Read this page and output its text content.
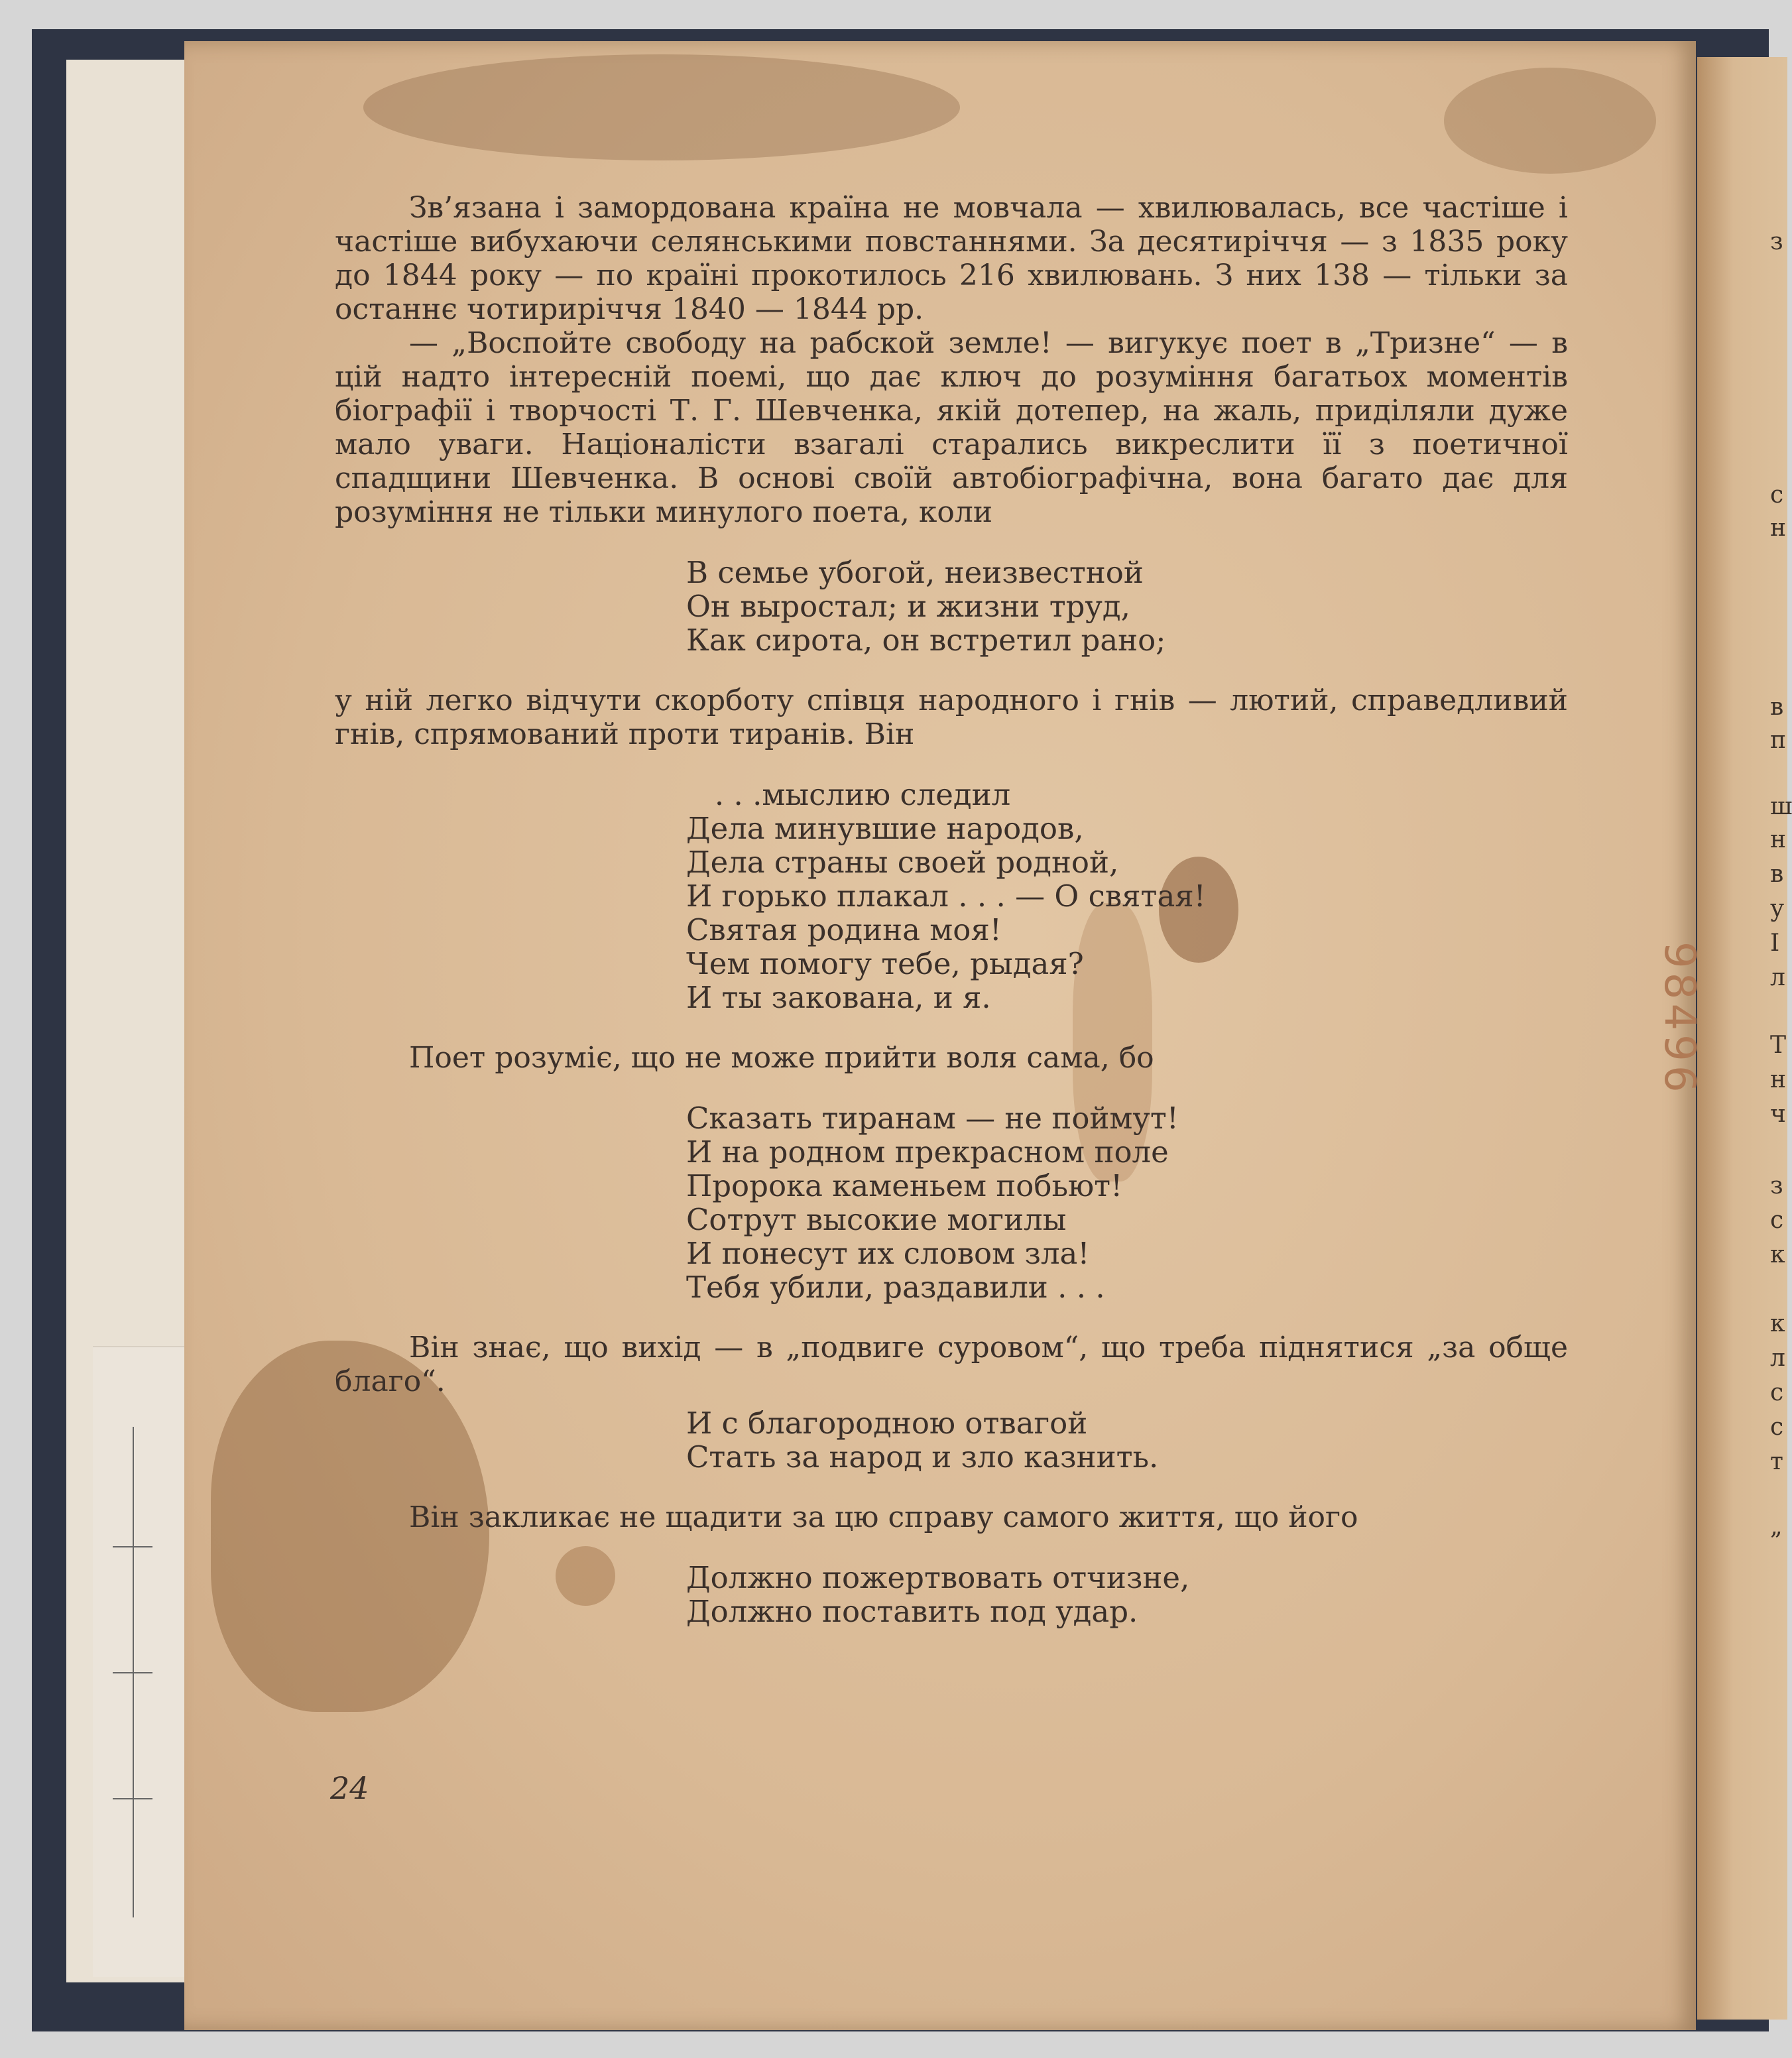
з
с
н
в
п
ш
н
в
у
І
л
Т
н
ч
з
с
к
к
л
с
с
т
„
98496

Зв’язана і замордована країна не мовчала — хвилювалась, все частіше і частіше вибухаючи селянськими повстаннями. За десятиріччя — з 1835 року до 1844 року — по країні прокотилось 216 хвилювань. З них 138 — тільки за останнє чотириріччя 1840 — 1844 рр.

— „Воспойте свободу на рабской земле! — вигукує поет в „Тризне“ — в цій надто інтересній поемі, що дає ключ до розуміння багатьох моментів біографії і творчості Т. Г. Шевченка, якій дотепер, на жаль, приділяли дуже мало уваги. Націоналісти взагалі старались викреслити її з поетичної спадщини Шевченка. В основі своїй автобіографічна, вона багато дає для розуміння не тільки минулого поета, коли

В семье убогой, неизвестной
Он выростал; и жизни труд,
Как сирота, он встретил рано;

у ній легко відчути скорботу співця народного і гнів — лютий, справедливий гнів, спрямований проти тиранів. Він

. . .мыслию следил
Дела минувшие народов,
Дела страны своей родной,
И горько плакал . . . — О святая!
Святая родина моя!
Чем помогу тебе, рыдая?
И ты закована, и я.

Поет розуміє, що не може прийти воля сама, бо

Сказать тиранам — не поймут!
И на родном прекрасном поле
Пророка каменьем побьют!
Сотрут высокие могилы
И понесут их словом зла!
Тебя убили, раздавили . . .

Він знає, що вихід — в „подвиге суровом“, що треба піднятися „за обще благо“.

И с благородною отвагой
Стать за народ и зло казнить.

Він закликає не щадити за цю справу самого життя, що його

Должно пожертвовать отчизне,
Должно поставить под удар.
24
